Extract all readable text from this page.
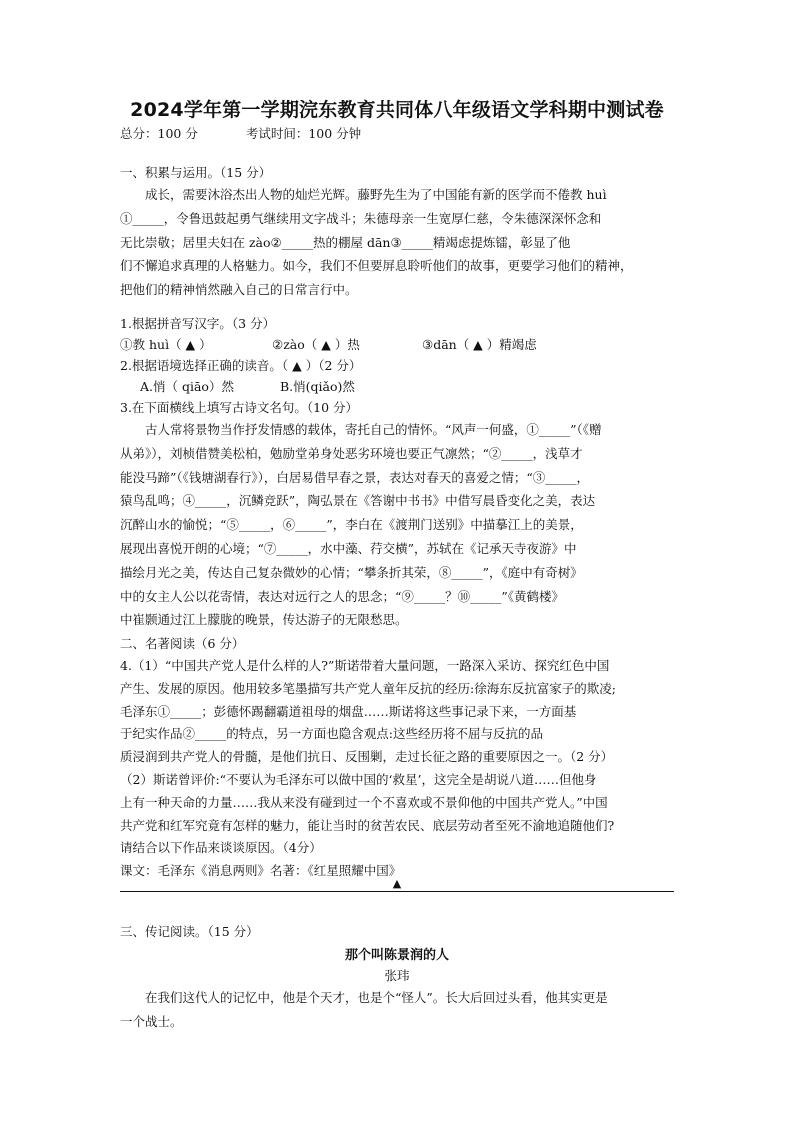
2024学年第一学期浣东教育共同体八年级语文学科期中测试卷
总分：100 分	考试时间：100 分钟
一、积累与运用。（15 分）
成长，需要沐浴杰出人物的灿烂光辉。藤野先生为了中国能有新的医学而不倦教 huì
①_____，令鲁迅鼓起勇气继续用文字战斗；朱德母亲一生宽厚仁慈，令朱德深深怀念和
无比崇敬；居里夫妇在 zào②_____热的棚屋 dān③_____精竭虑提炼镭，彰显了他
们不懈追求真理的人格魅力。如今，我们不但要屏息聆听他们的故事，更要学习他们的精神，
把他们的精神悄然融入自己的日常言行中。
1.根据拼音写汉字。（3 分）
①教 huì（ ▲ ）	②zào（ ▲ ）热	③dān（ ▲ ）精竭虑
2.根据语境选择正确的读音。（ ▲ ）（2 分）
A.悄（ qiāo）然	B.悄(qiǎo)然
3.在下面横线上填写古诗文名句。（10 分）
古人常将景物当作抒发情感的载体，寄托自己的情怀。“风声一何盛，①_____”（《赠
从弟》），刘桢借赞美松柏，勉励堂弟身处恶劣环境也要正气凛然；“②_____，浅草才
能没马蹄”（《钱塘湖春行》），白居易借早春之景，表达对春天的喜爱之情；“③_____，
猿鸟乱鸣；④_____，沉鳞竞跃”，陶弘景在《答谢中书书》中借写晨昏变化之美，表达
沉醉山水的愉悦；“⑤_____，⑥_____”，李白在《渡荆门送别》中描摹江上的美景，
展现出喜悦开朗的心境；“⑦_____，水中藻、荇交横”，苏轼在《记承天寺夜游》中
描绘月光之美，传达自己复杂微妙的心情；“攀条折其荣，⑧_____”，《庭中有奇树》
中的女主人公以花寄情，表达对远行之人的思念；“⑨_____？⑩_____”《黄鹤楼》
中崔颢通过江上朦胧的晚景，传达游子的无限愁思。
二、名著阅读（6 分）
4.（1）“中国共产党人是什么样的人?”斯诺带着大量问题，一路深入采访、探究红色中国
产生、发展的原因。他用较多笔墨描写共产党人童年反抗的经历:徐海东反抗富家子的欺凌;
毛泽东①_____；彭德怀踢翻霸道祖母的烟盘……斯诺将这些事记录下来，一方面基
于纪实作品②_____的特点，另一方面也隐含观点:这些经历将不屈与反抗的品
质浸润到共产党人的骨髓，是他们抗日、反围剿，走过长征之路的重要原因之一。（2 分）
（2）斯诺曾评价:“不要认为毛泽东可以做中国的‘救星’，这完全是胡说八道……但他身
上有一种天命的力量……我从来没有碰到过一个不喜欢或不景仰他的中国共产党人。”中国
共产党和红军究竟有怎样的魅力，能让当时的贫苦农民、底层劳动者至死不渝地追随他们?
请结合以下作品来谈谈原因。（4分）
课文：毛泽东《消息两则》名著：《红星照耀中国》
▲
三、传记阅读。（15 分）
那个叫陈景润的人
张玮
在我们这代人的记忆中，他是个天才，也是个“怪人”。长大后回过头看，他其实更是
一个战士。
